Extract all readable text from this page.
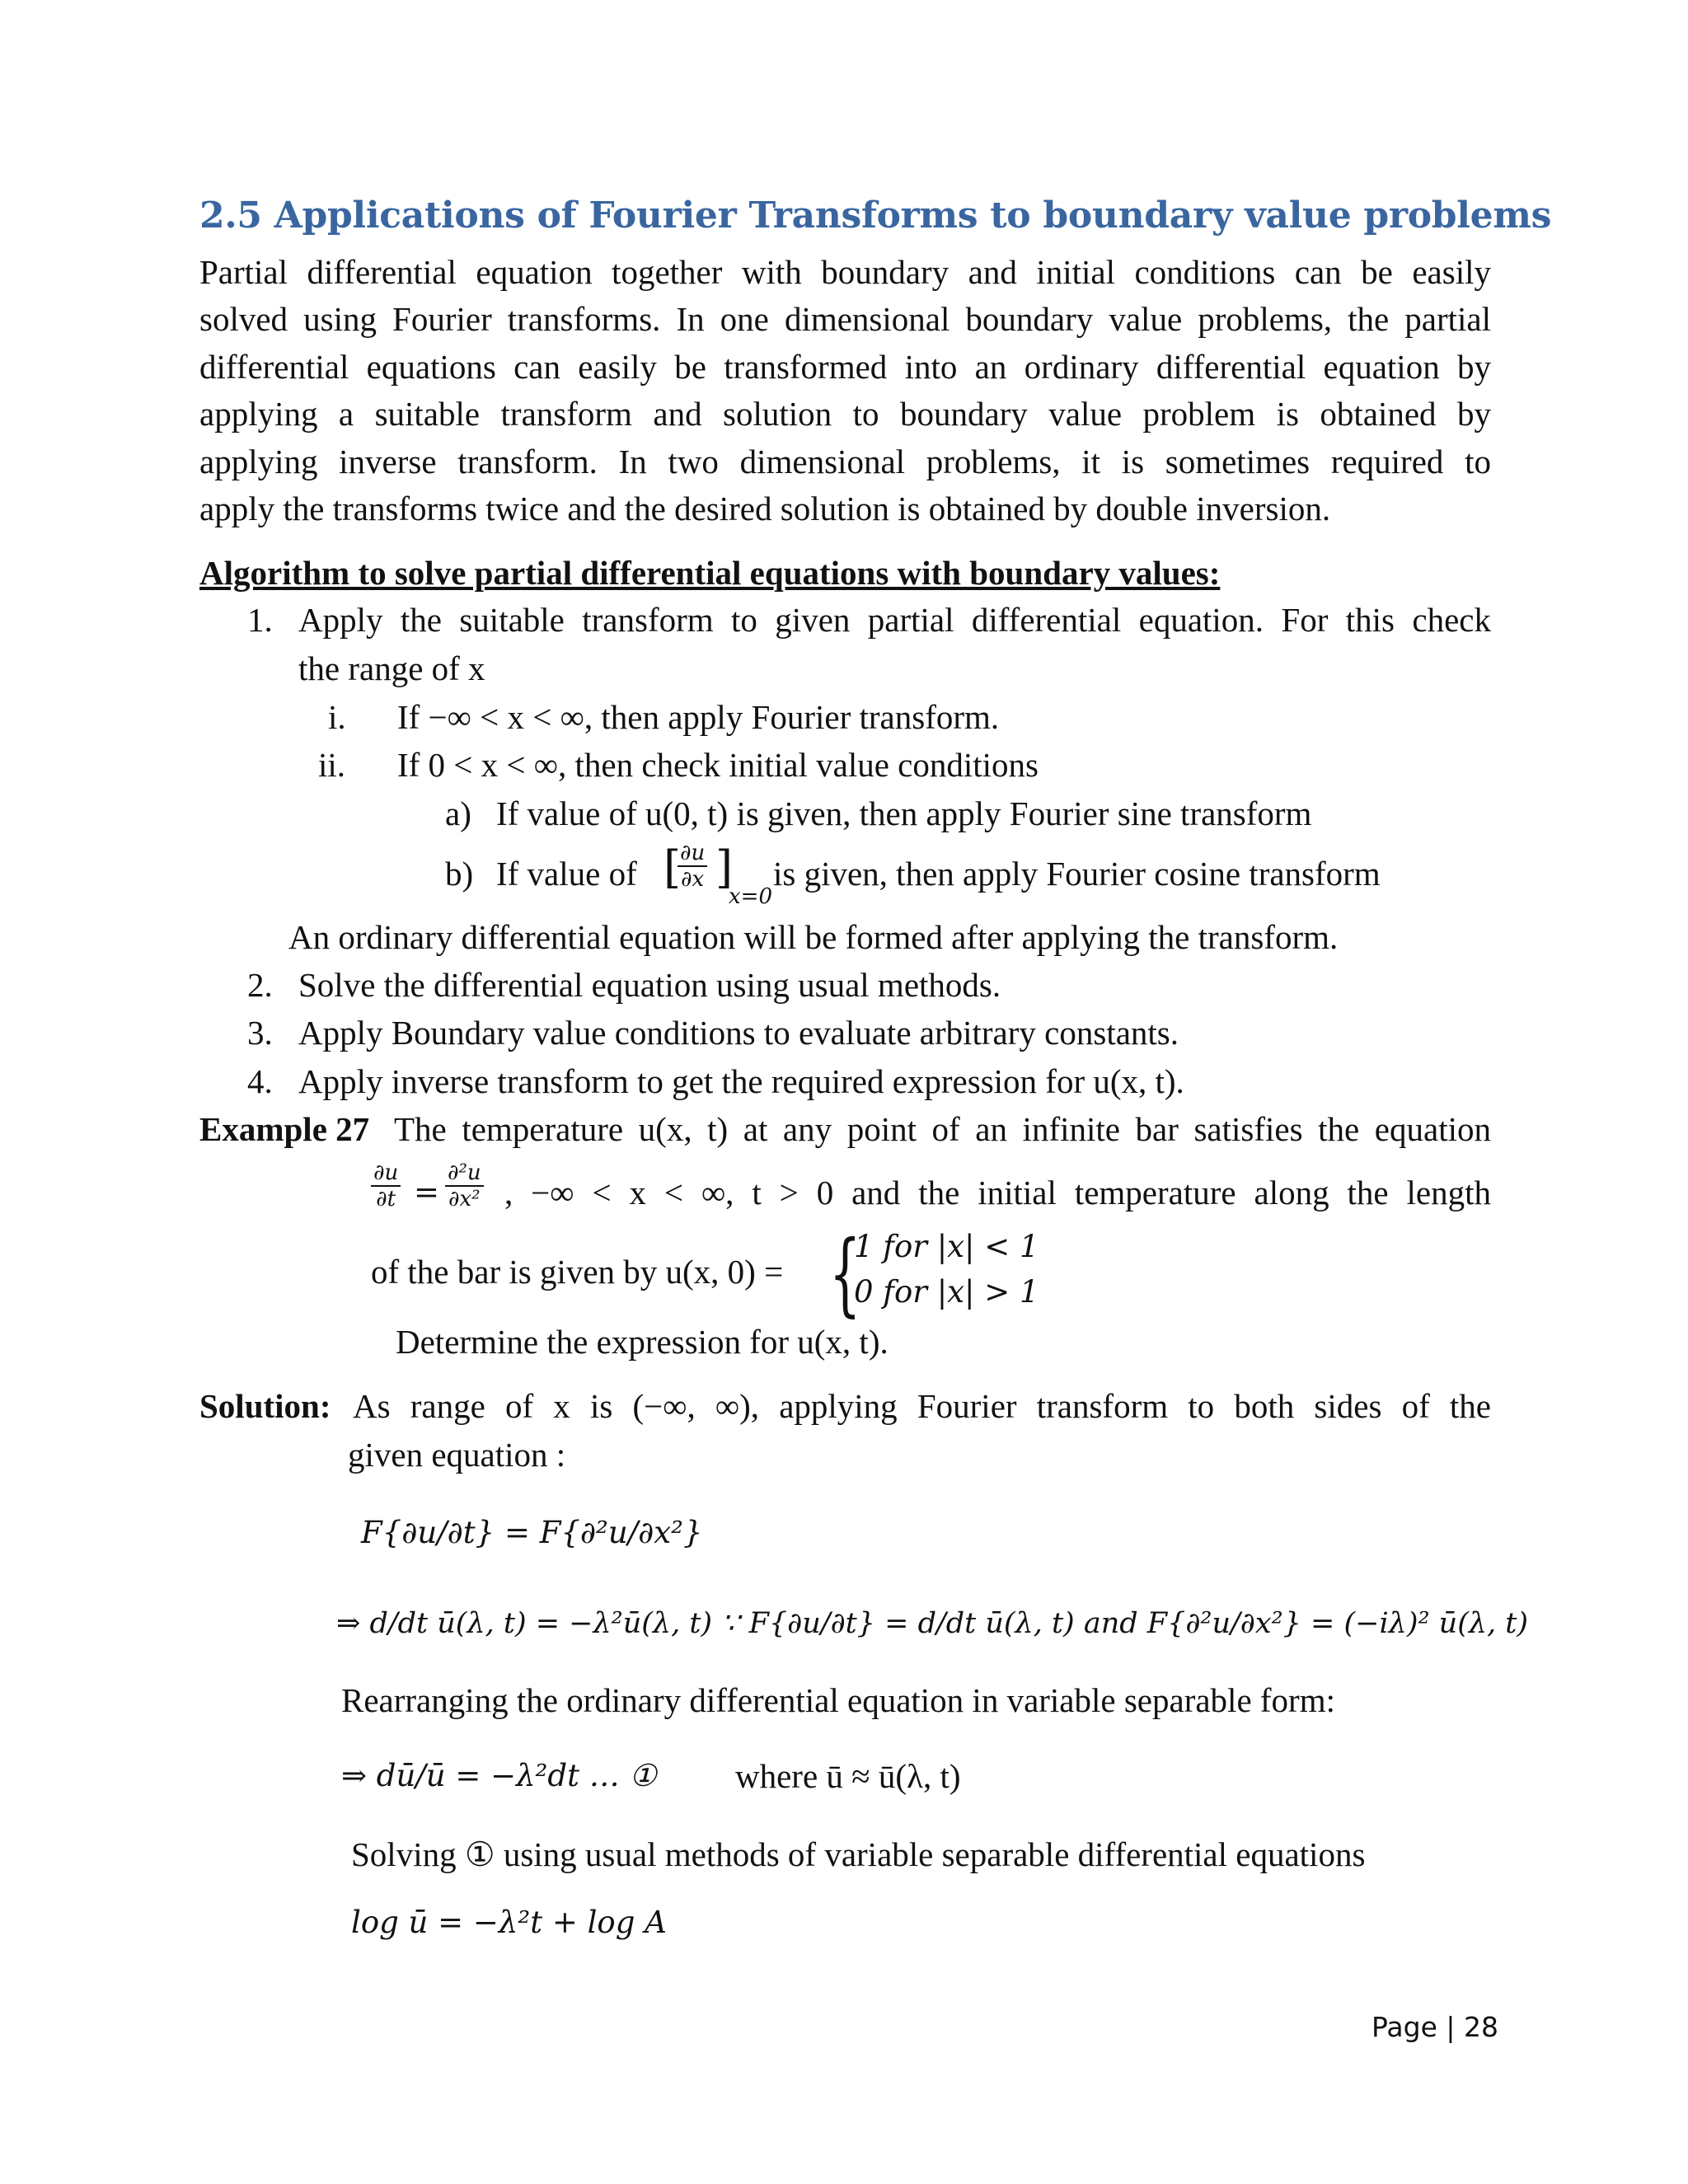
2.5 Applications of Fourier Transforms to boundary value problems
Partial differential equation together with boundary and initial conditions can be easily
solved using Fourier transforms. In one dimensional boundary value problems, the partial
differential equations can easily be transformed into an ordinary differential equation by
applying a suitable transform and solution to boundary value problem is obtained by
applying inverse transform. In two dimensional problems, it is sometimes required to
apply the transforms twice and the desired solution is obtained by double inversion.
Algorithm to solve partial differential equations with boundary values:
1. Apply the suitable transform to given partial differential equation. For this check
the range of x
i. If −∞ < x < ∞, then apply Fourier transform.
ii. If 0 < x < ∞, then check initial value conditions
a) If value of u(0, t) is given, then apply Fourier sine transform
b) If value of [
$\frac{\partial u}{\partial x}$ ]
x=0
is given, then apply Fourier cosine transform
An ordinary differential equation will be formed after applying the transform.
2. Solve the differential equation using usual methods.
3. Apply Boundary value conditions to evaluate arbitrary constants.
4. Apply inverse transform to get the required expression for u(x, t).
Example 27 The temperature u(x, t) at any point of an infinite bar satisfies the equation
$\frac{\partial u}{\partial t} = \frac{\text{∂²u}}{\text{∂x²}}$ , −∞ < x < ∞, t > 0 and the initial temperature along the length
of the bar is given by u(x, 0) = {
1 for |x| < 1
0 for |x| > 1
Determine the expression for u(x, t).
Solution: As range of x is (−∞, ∞), applying Fourier transform to both sides of the
given equation :
F{∂u/∂t} = F{∂²u/∂x²}
⇒ d/dt ū(λ, t) = −λ²ū(λ, t) ∵ F{∂u/∂t} = d/dt ū(λ, t) and F{∂²u/∂x²} = (−iλ)² ū(λ, t)
Rearranging the ordinary differential equation in variable separable form:
⇒ dū/ū = −λ²dt … ① where ū ≈ ū(λ, t)
Solving ① using usual methods of variable separable differential equations
log ū = −λ²t + log A
Page | 28
